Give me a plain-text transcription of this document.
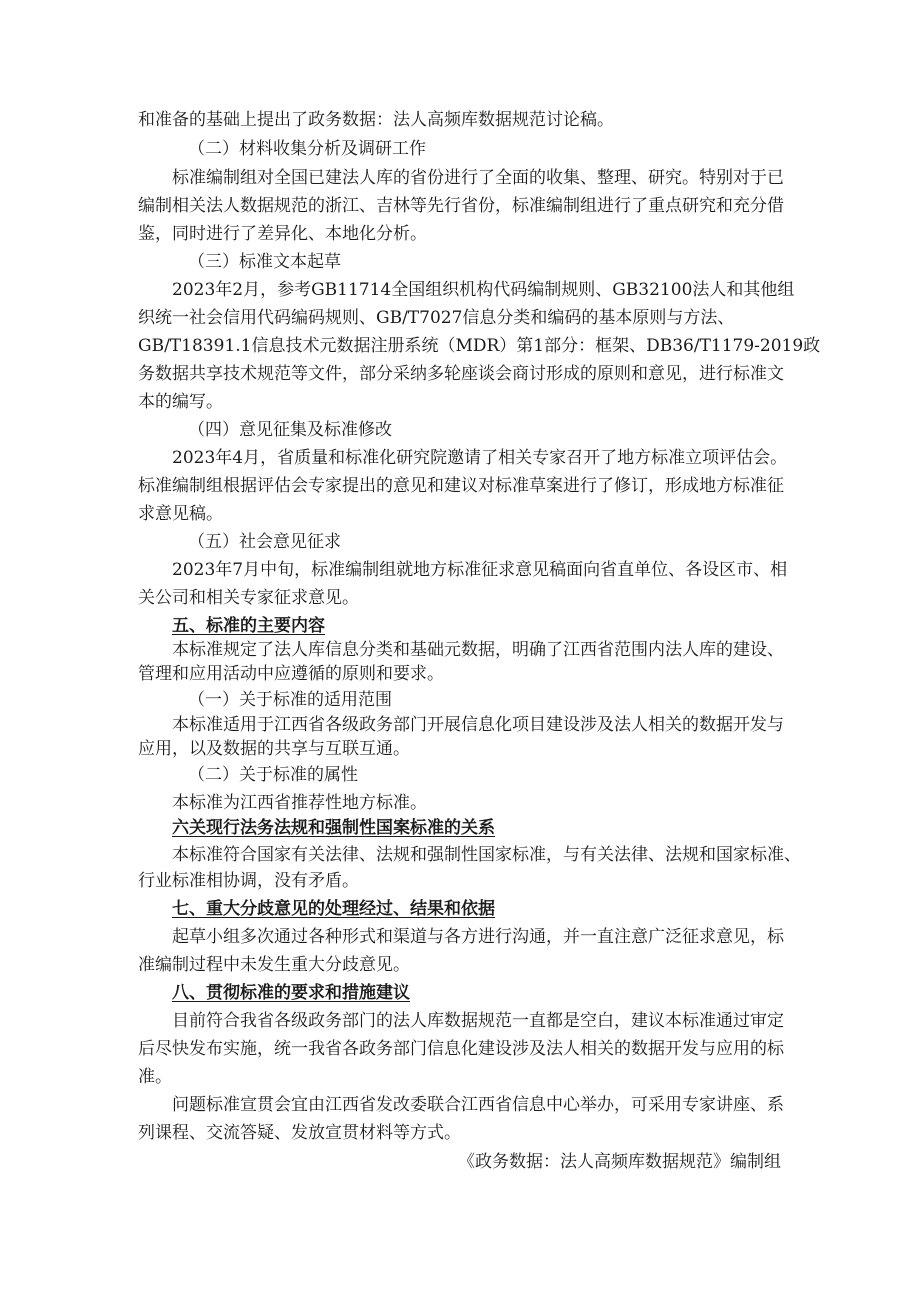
和准备的基础上提出了政务数据：法人高频库数据规范讨论稿。
（二）材料收集分析及调研工作
标准编制组对全国已建法人库的省份进行了全面的收集、整理、研究。特别对于已
编制相关法人数据规范的浙江、吉林等先行省份，标准编制组进行了重点研究和充分借
鉴，同时进行了差异化、本地化分析。
（三）标准文本起草
2023年2月，参考GB11714全国组织机构代码编制规则、GB32100法人和其他组
织统一社会信用代码编码规则、GB/T7027信息分类和编码的基本原则与方法、
GB/T18391.1信息技术元数据注册系统（MDR）第1部分：框架、DB36/T1179-2019政
务数据共享技术规范等文件，部分采纳多轮座谈会商讨形成的原则和意见，进行标准文
本的编写。
（四）意见征集及标准修改
2023年4月，省质量和标准化研究院邀请了相关专家召开了地方标准立项评估会。
标准编制组根据评估会专家提出的意见和建议对标准草案进行了修订，形成地方标准征
求意见稿。
（五）社会意见征求
2023年7月中旬，标准编制组就地方标准征求意见稿面向省直单位、各设区市、相
关公司和相关专家征求意见。
五、标准的主要内容
本标准规定了法人库信息分类和基础元数据，明确了江西省范围内法人库的建设、
管理和应用活动中应遵循的原则和要求。
（一）关于标准的适用范围
本标准适用于江西省各级政务部门开展信息化项目建设涉及法人相关的数据开发与
应用，以及数据的共享与互联互通。
（二）关于标准的属性
本标准为江西省推荐性地方标准。
六关现行法务法规和强制性国案标准的关系
本标准符合国家有关法律、法规和强制性国家标准，与有关法律、法规和国家标准、
行业标准相协调，没有矛盾。
七、重大分歧意见的处理经过、结果和依据
起草小组多次通过各种形式和渠道与各方进行沟通，并一直注意广泛征求意见，标
准编制过程中未发生重大分歧意见。
八、贯彻标准的要求和措施建议
目前符合我省各级政务部门的法人库数据规范一直都是空白，建议本标准通过审定
后尽快发布实施，统一我省各政务部门信息化建设涉及法人相关的数据开发与应用的标
准。
问题标准宣贯会宜由江西省发改委联合江西省信息中心举办，可采用专家讲座、系
列课程、交流答疑、发放宣贯材料等方式。
《政务数据：法人高频库数据规范》编制组
